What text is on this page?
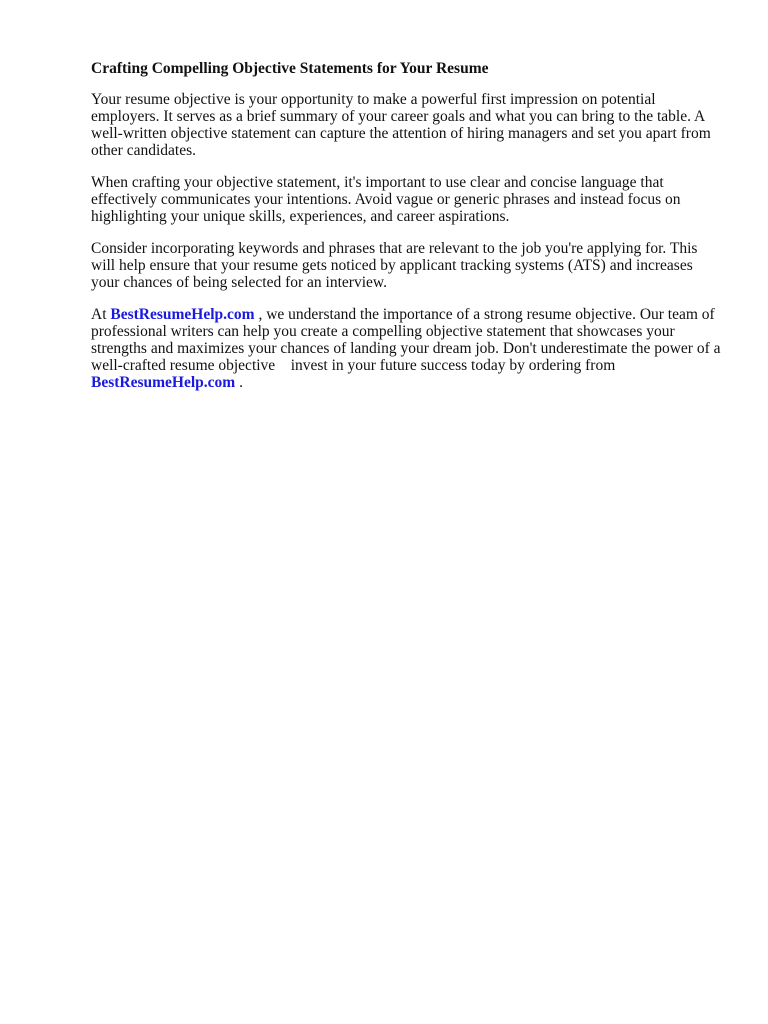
Crafting Compelling Objective Statements for Your Resume

Your resume objective is your opportunity to make a powerful first impression on potential employers. It serves as a brief summary of your career goals and what you can bring to the table. A well-written objective statement can capture the attention of hiring managers and set you apart from other candidates.

When crafting your objective statement, it's important to use clear and concise language that effectively communicates your intentions. Avoid vague or generic phrases and instead focus on highlighting your unique skills, experiences, and career aspirations.

Consider incorporating keywords and phrases that are relevant to the job you're applying for. This will help ensure that your resume gets noticed by applicant tracking systems (ATS) and increases your chances of being selected for an interview.

At BestResumeHelp.com , we understand the importance of a strong resume objective. Our team of professional writers can help you create a compelling objective statement that showcases your strengths and maximizes your chances of landing your dream job. Don't underestimate the power of a well-crafted resume objective invest in your future success today by ordering from
BestResumeHelp.com .
